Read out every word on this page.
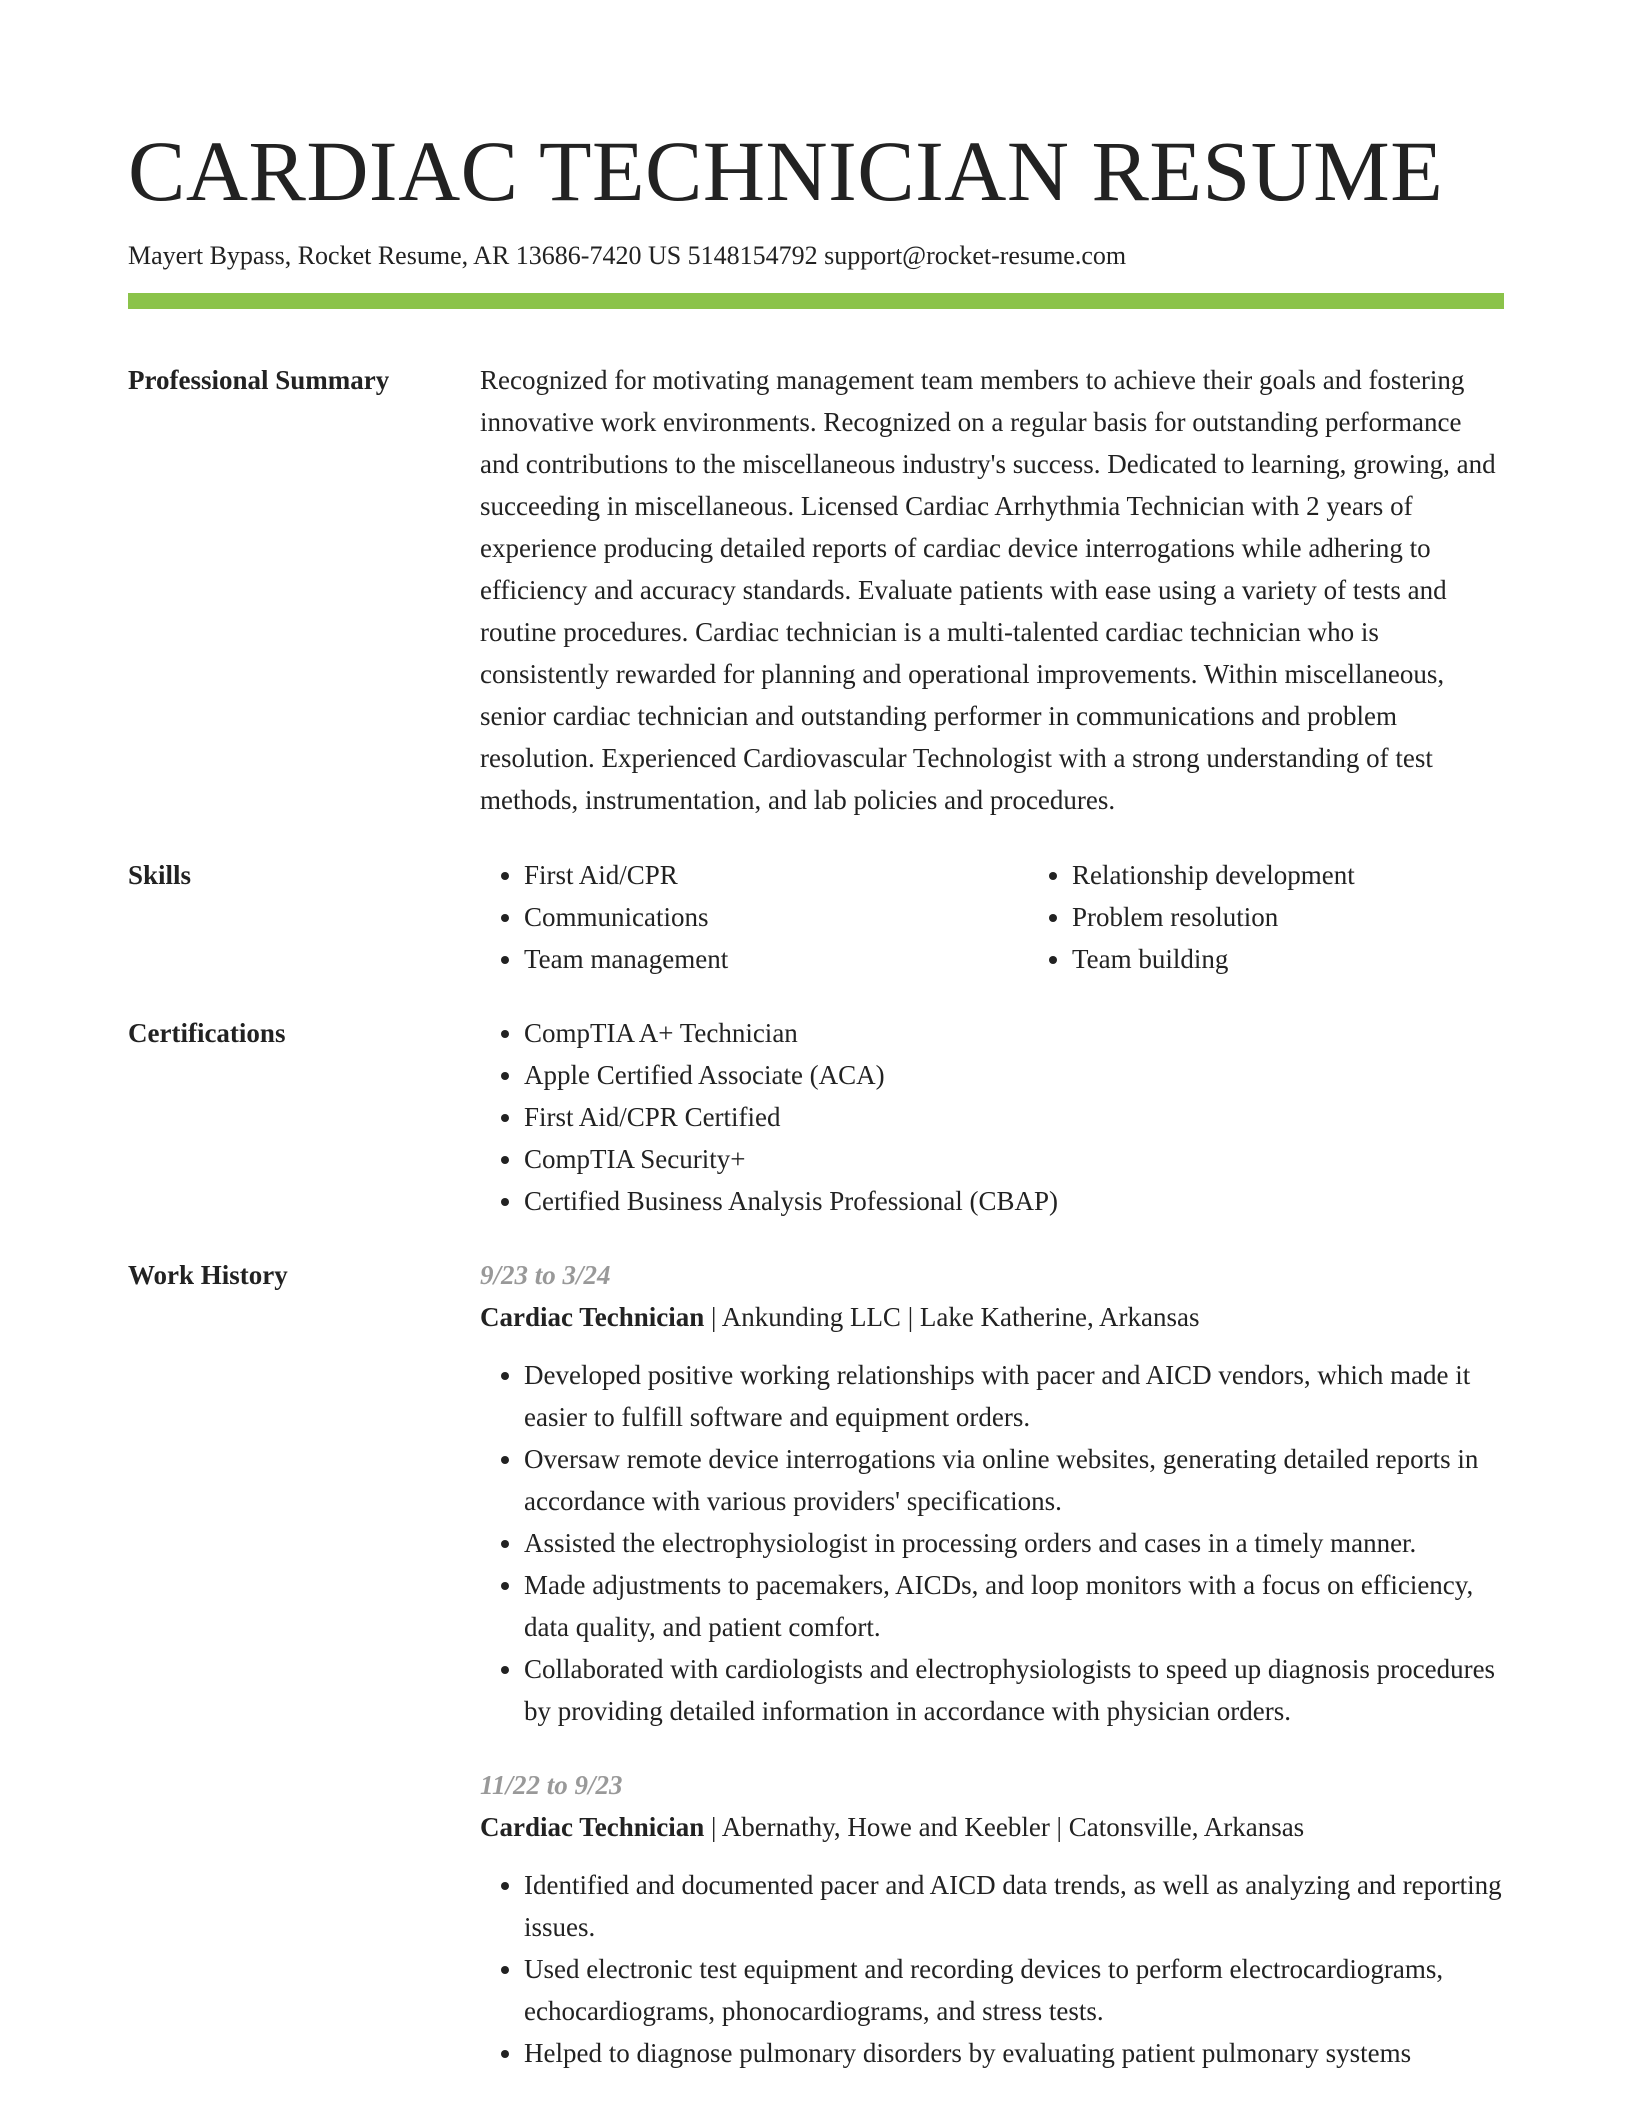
CARDIAC TECHNICIAN RESUME
Mayert Bypass, Rocket Resume, AR 13686-7420 US 5148154792 support@rocket-resume.com
Professional Summary	Recognized for motivating management team members to achieve their goals and fostering innovative work environments. Recognized on a regular basis for outstanding performance and contributions to the miscellaneous industry's success. Dedicated to learning, growing, and succeeding in miscellaneous. Licensed Cardiac Arrhythmia Technician with 2 years of experience producing detailed reports of cardiac device interrogations while adhering to efficiency and accuracy standards. Evaluate patients with ease using a variety of tests and routine procedures. Cardiac technician is a multi-talented cardiac technician who is consistently rewarded for planning and operational improvements. Within miscellaneous, senior cardiac technician and outstanding performer in communications and problem resolution. Experienced Cardiovascular Technologist with a strong understanding of test methods, instrumentation, and lab policies and procedures.

Skills	• First Aid/CPR
• Communications
• Team management
• Relationship development
• Problem resolution
• Team building
Certifications	• CompTIA A+ Technician
• Apple Certified Associate (ACA)
• First Aid/CPR Certified
• CompTIA Security+
• Certified Business Analysis Professional (CBAP)
Work History	9/23 to 3/24
Cardiac Technician | Ankunding LLC | Lake Katherine, Arkansas
• Developed positive working relationships with pacer and AICD vendors, which made it easier to fulfill software and equipment orders.
• Oversaw remote device interrogations via online websites, generating detailed reports in accordance with various providers' specifications.
• Assisted the electrophysiologist in processing orders and cases in a timely manner.
• Made adjustments to pacemakers, AICDs, and loop monitors with a focus on efficiency, data quality, and patient comfort.
• Collaborated with cardiologists and electrophysiologists to speed up diagnosis procedures by providing detailed information in accordance with physician orders.
11/22 to 9/23
Cardiac Technician | Abernathy, Howe and Keebler | Catonsville, Arkansas
• Identified and documented pacer and AICD data trends, as well as analyzing and reporting issues.
• Used electronic test equipment and recording devices to perform electrocardiograms, echocardiograms, phonocardiograms, and stress tests.
• Helped to diagnose pulmonary disorders by evaluating patient pulmonary systems
